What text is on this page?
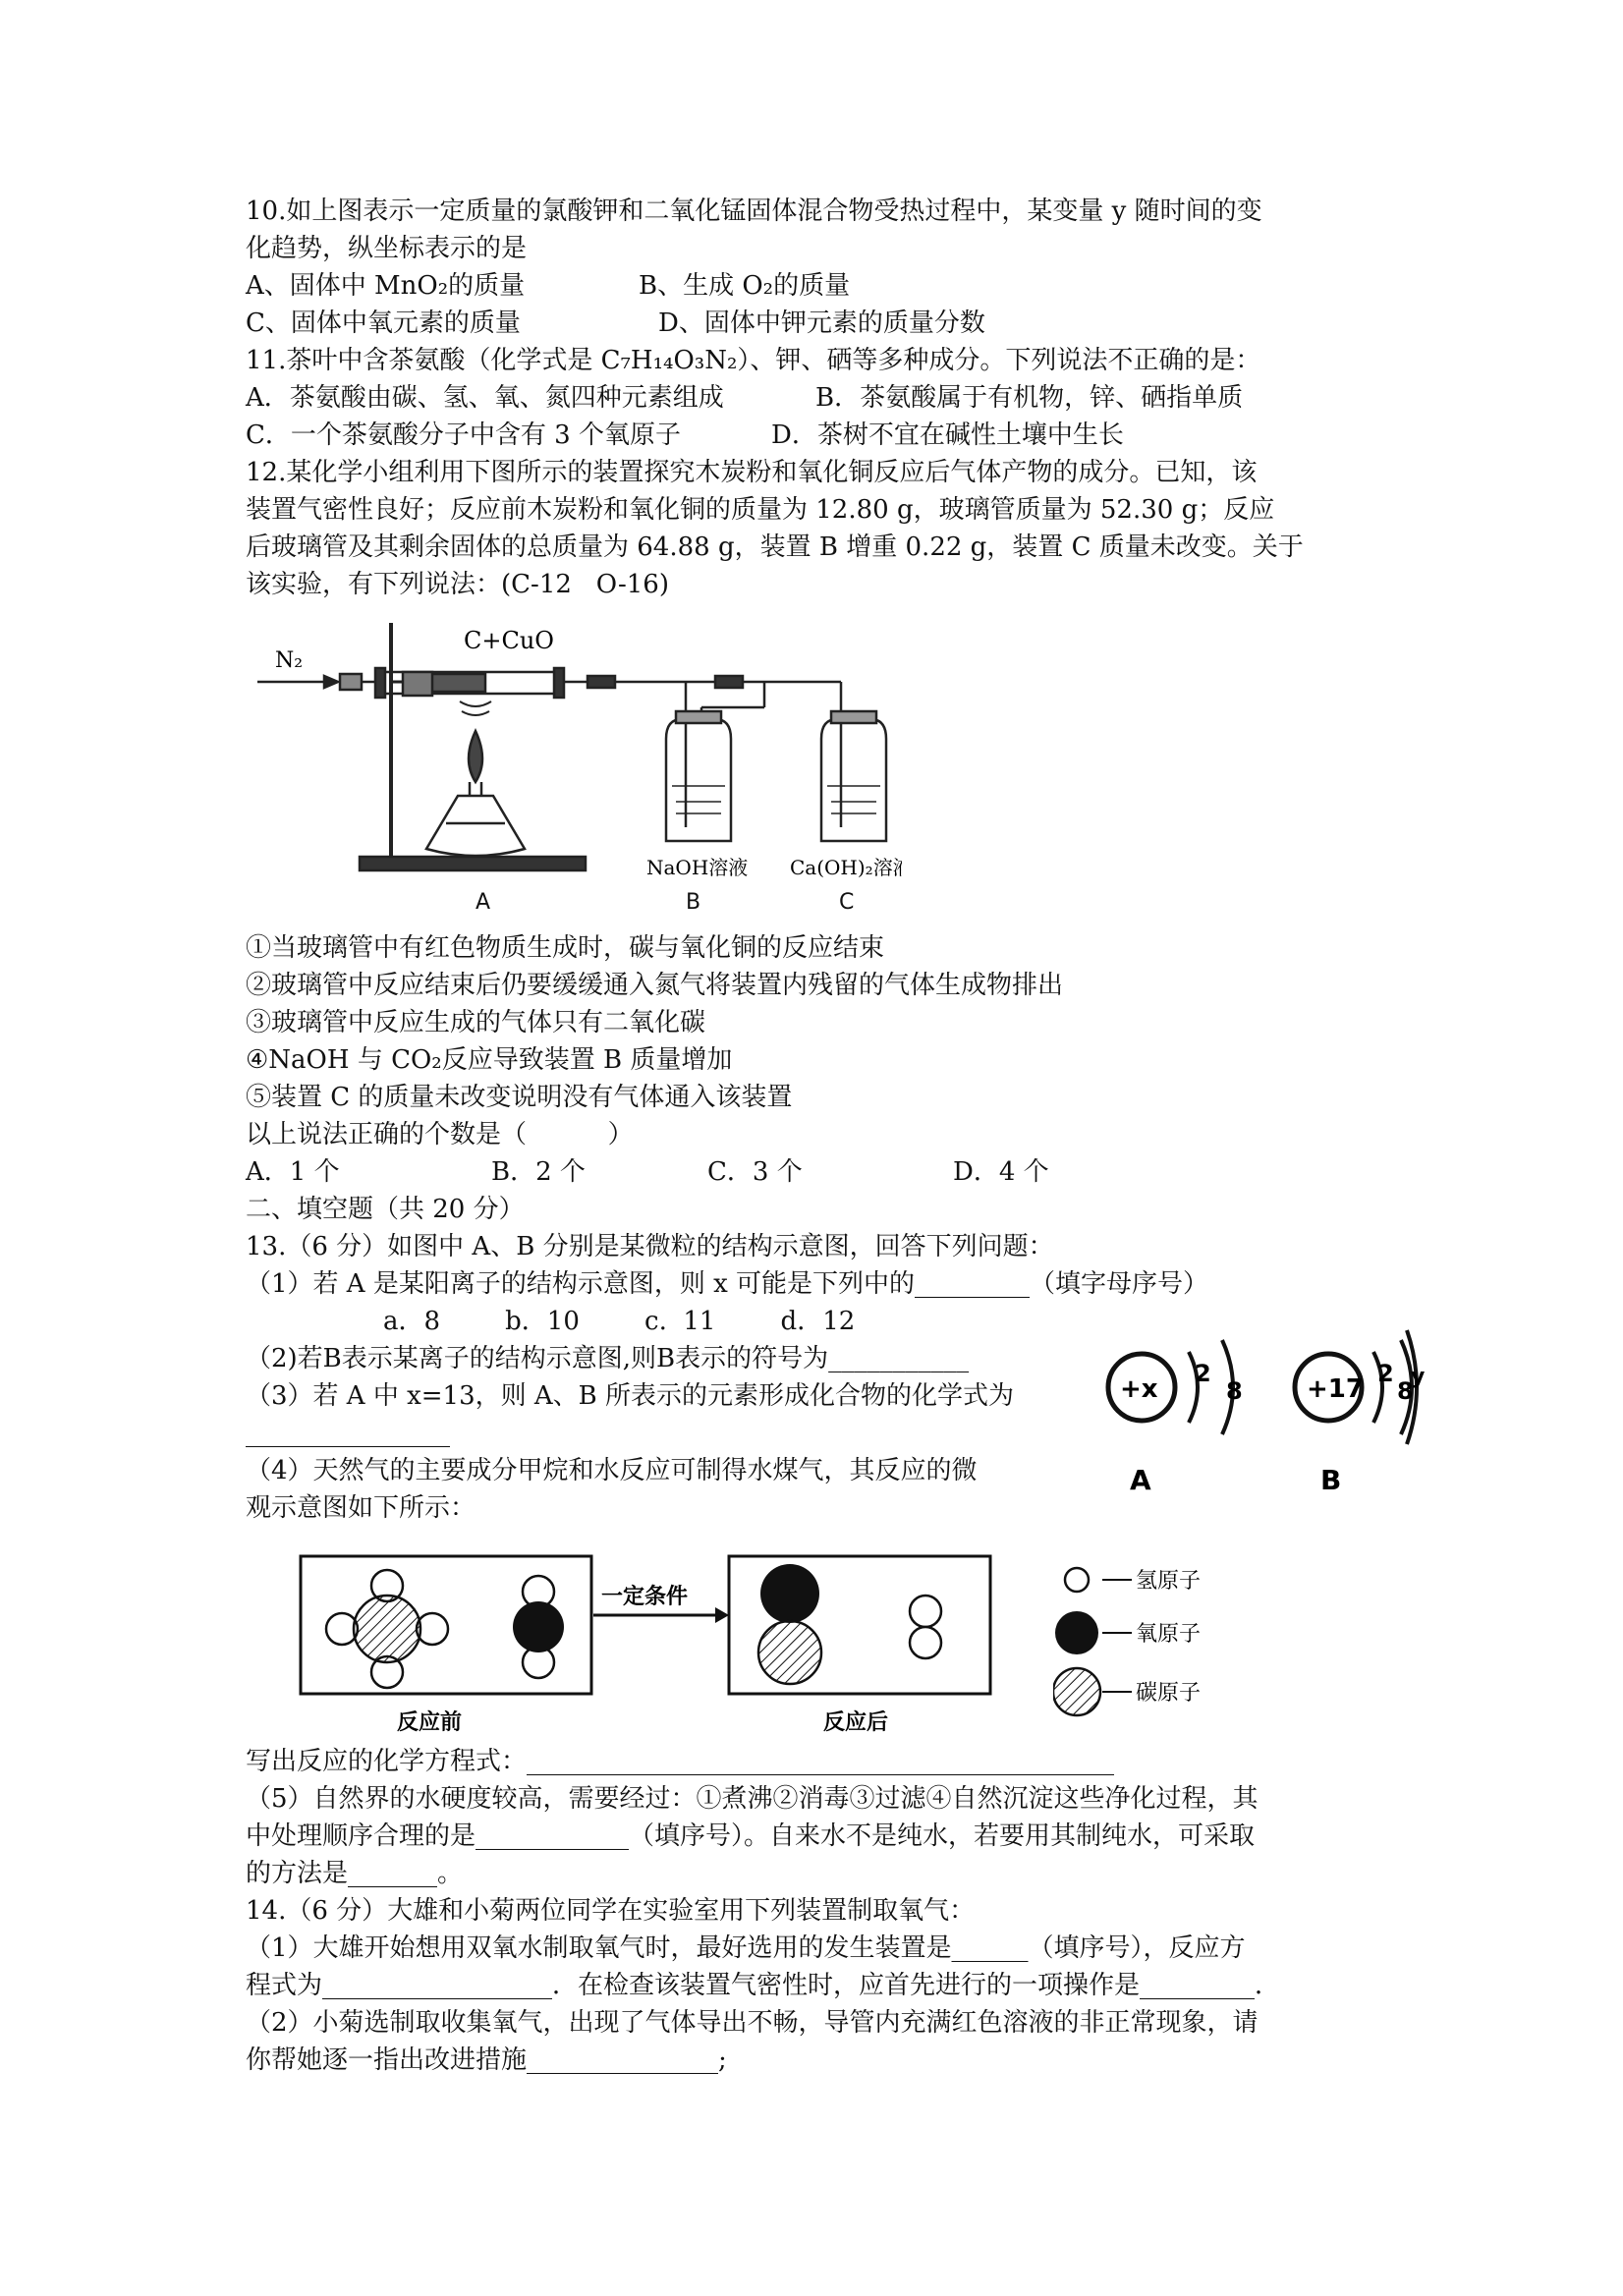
10.如上图表示一定质量的氯酸钾和二氧化锰固体混合物受热过程中，某变量 y 随时间的变

化趋势，纵坐标表示的是

A、固体中 MnO₂的质量	B、生成 O₂的质量

C、固体中氧元素的质量	D、固体中钾元素的质量分数

11.茶叶中含茶氨酸（化学式是 C₇H₁₄O₃N₂）、钾、硒等多种成分。下列说法不正确的是：

A．茶氨酸由碳、氢、氧、氮四种元素组成	B．茶氨酸属于有机物，锌、硒指单质

C．一个茶氨酸分子中含有 3 个氧原子	D．茶树不宜在碱性土壤中生长

12.某化学小组利用下图所示的装置探究木炭粉和氧化铜反应后气体产物的成分。已知，该

装置气密性良好；反应前木炭粉和氧化铜的质量为 12.80 g，玻璃管质量为 52.30 g；反应

后玻璃管及其剩余固体的总质量为 64.88 g，装置 B 增重 0.22 g，装置 C 质量未改变。关于

该实验，有下列说法：(C-12   O-16)

N₂
C+CuO
NaOH溶液 Ca(OH)₂溶液
A	B	C

①当玻璃管中有红色物质生成时，碳与氧化铜的反应结束

②玻璃管中反应结束后仍要缓缓通入氮气将装置内残留的气体生成物排出

③玻璃管中反应生成的气体只有二氧化碳

④NaOH 与 CO₂反应导致装置 B 质量增加

⑤装置 C 的质量未改变说明没有气体通入该装置

以上说法正确的个数是（          ）

A．1 个	B．2 个	C．3 个	D．4 个

二、填空题（共 20 分）

13.（6 分）如图中 A、B 分别是某微粒的结构示意图，回答下列问题：

（1）若 A 是某阳离子的结构示意图，则 x 可能是下列中的_________（填字母序号）

a．8        b．10        c.  11        d．12

（2)若B表示某离子的结构示意图,则B表示的符号为___________

（3）若 A 中 x=13，则 A、B 所表示的元素形成化合物的化学式为

________________

（4）天然气的主要成分甲烷和水反应可制得水煤气，其反应的微

观示意图如下所示：

+x
2
8	+17
2
8
y
A	B
一定条件
反应前	反应后
氢原子
氧原子
碳原子

写出反应的化学方程式：______________________________________________

（5）自然界的水硬度较高，需要经过：①煮沸②消毒③过滤④自然沉淀这些净化过程，其

中处理顺序合理的是____________（填序号）。自来水不是纯水，若要用其制纯水，可采取

的方法是_______。

14.（6 分）大雄和小菊两位同学在实验室用下列装置制取氧气：

（1）大雄开始想用双氧水制取氧气时，最好选用的发生装置是______（填序号），反应方

程式为__________________．在检查该装置气密性时，应首先进行的一项操作是_________．

（2）小菊选制取收集氧气，出现了气体导出不畅，导管内充满红色溶液的非正常现象，请

你帮她逐一指出改进措施_______________;
